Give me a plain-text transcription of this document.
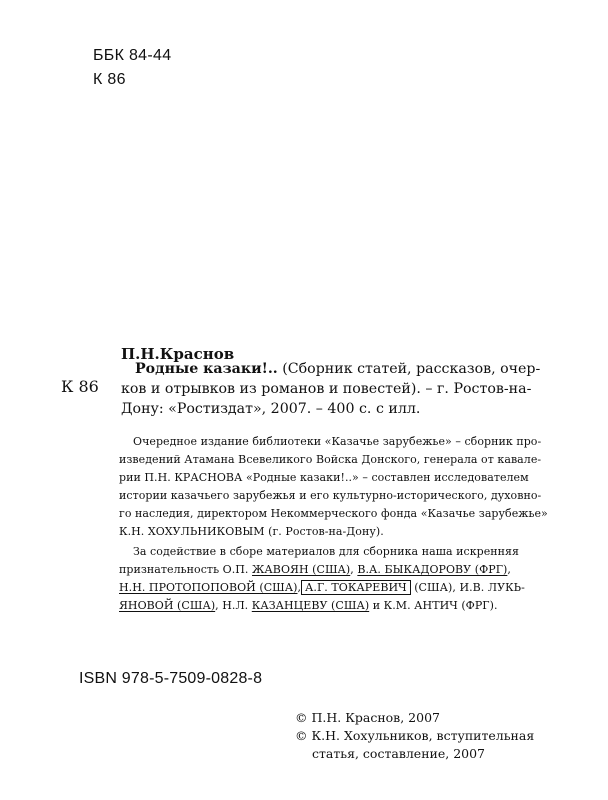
ББК 84-44
К 86
П.Н.Краснов
К 86
Родные казаки!.. (Сборник статей, рассказов, очер-
ков и отрывков из романов и повестей). – г. Ростов-на-
Дону: «Ростиздат», 2007. – 400 с. с илл.
Очередное издание библиотеки «Казачье зарубежье» – сборник про-
изведений Атамана Всевеликого Войска Донского, генерала от кавале-
рии П.Н. КРАСНОВА «Родные казаки!..» – составлен исследователем
истории казачьего зарубежья и его культурно-исторического, духовно-
го наследия, директором Некоммерческого фонда «Казачье зарубежье»
К.Н. ХОХУЛЬНИКОВЫМ (г. Ростов-на-Дону).
За содействие в сборе материалов для сборника наша искренняя
признательность О.П. ЖАВОЯН (США), В.А. БЫКАДОРОВУ (ФРГ),
Н.Н. ПРОТОПОПОВОЙ (США), А.Г. ТОКАРЕВИЧ (США), И.В. ЛУКЬ-
ЯНОВОЙ (США), Н.Л. КАЗАНЦЕВУ (США) и К.М. АНТИЧ (ФРГ).
ISBN 978-5-7509-0828-8
© П.Н. Краснов, 2007
© К.Н. Хохульников, вступительная
статья, составление, 2007
